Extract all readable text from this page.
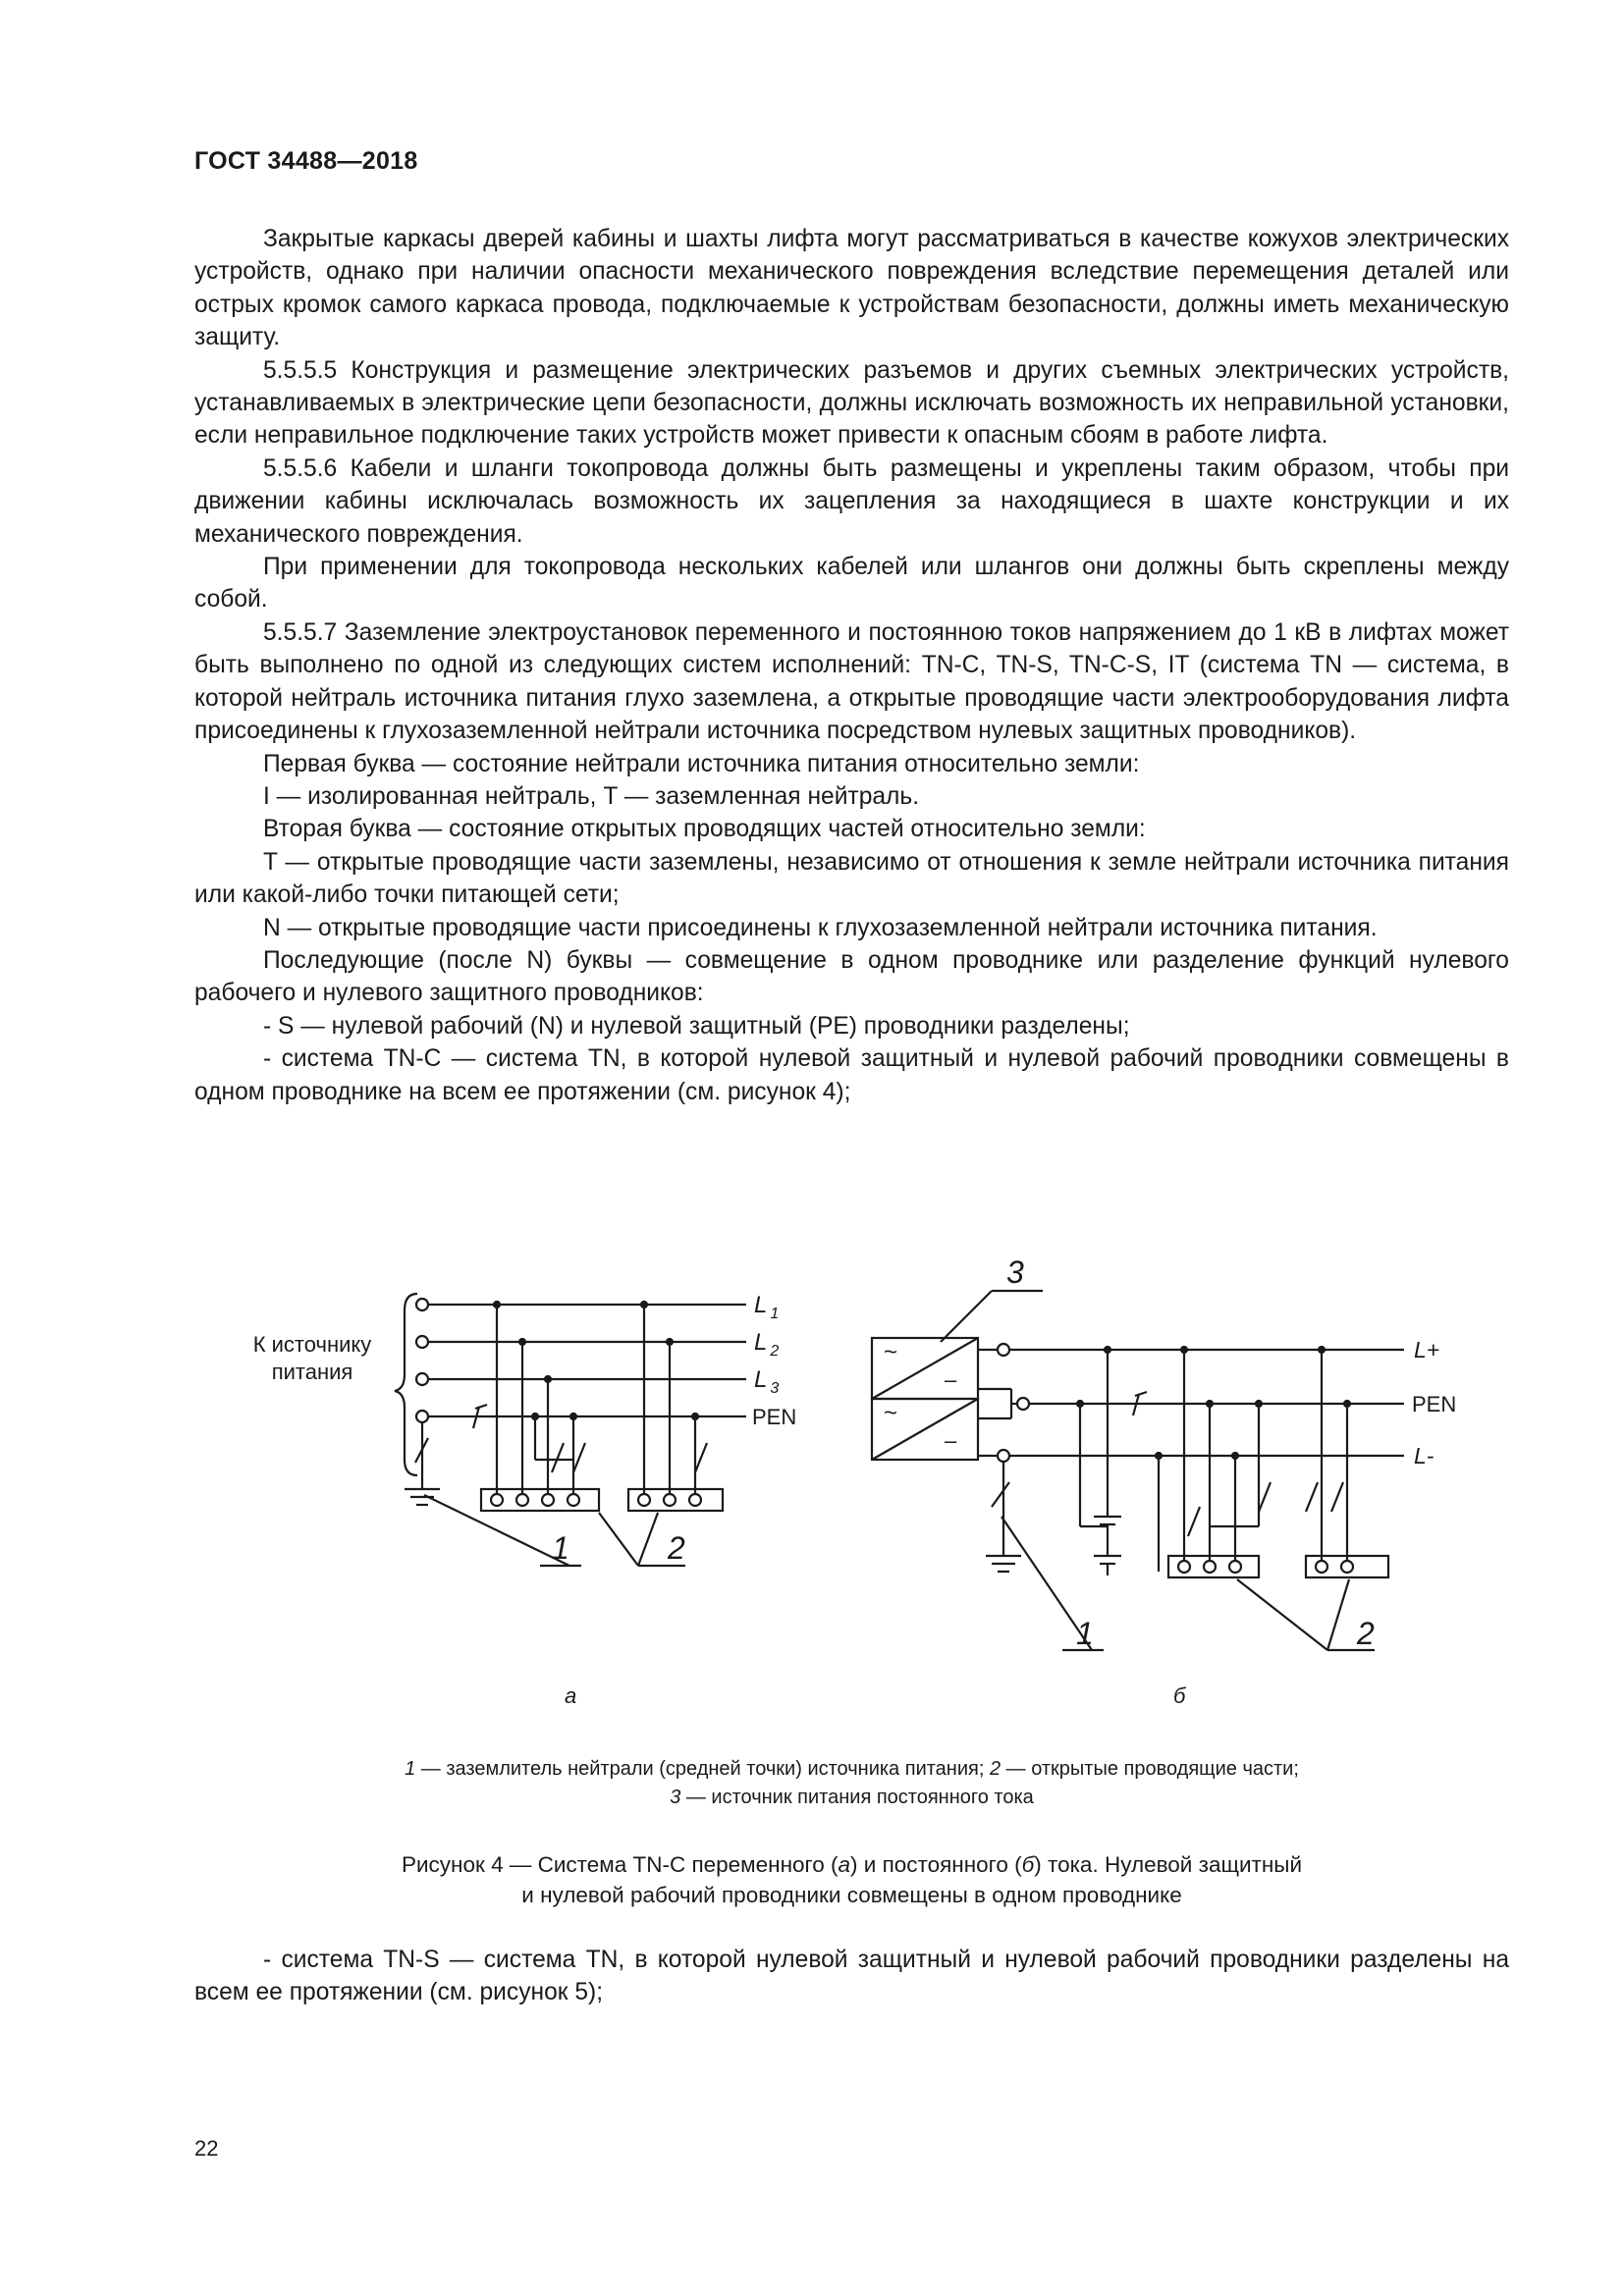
ГОСТ 34488—2018

Закрытые каркасы дверей кабины и шахты лифта могут рассматриваться в качестве кожухов электрических устройств, однако при наличии опасности механического повреждения вследствие перемещения деталей или острых кромок самого каркаса провода, подключаемые к устройствам безопасности, должны иметь механическую защиту.

5.5.5.5 Конструкция и размещение электрических разъемов и других съемных электрических устройств, устанавливаемых в электрические цепи безопасности, должны исключать возможность их неправильной установки, если неправильное подключение таких устройств может привести к опасным сбоям в работе лифта.

5.5.5.6 Кабели и шланги токопровода должны быть размещены и укреплены таким образом, чтобы при движении кабины исключалась возможность их зацепления за находящиеся в шахте конструкции и их механического повреждения.

При применении для токопровода нескольких кабелей или шлангов они должны быть скреплены между собой.

5.5.5.7 Заземление электроустановок переменного и постоянною токов напряжением до 1 кВ в лифтах может быть выполнено по одной из следующих систем исполнений: TN-C, TN-S, TN-C-S, IT (система TN — система, в которой нейтраль источника питания глухо заземлена, а открытые проводящие части электрооборудования лифта присоединены к глухозаземленной нейтрали источника посредством нулевых защитных проводников).

Первая буква — состояние нейтрали источника питания относительно земли:

I — изолированная нейтраль, T — заземленная нейтраль.

Вторая буква — состояние открытых проводящих частей относительно земли:

T — открытые проводящие части заземлены, независимо от отношения к земле нейтрали источника питания или какой-либо точки питающей сети;

N — открытые проводящие части присоединены к глухозаземленной нейтрали источника питания.

Последующие (после N) буквы — совмещение в одном проводнике или разделение функций нулевого рабочего и нулевого защитного проводников:

- S — нулевой рабочий (N) и нулевой защитный (PE) проводники разделены;

- система TN-C — система TN, в которой нулевой защитный и нулевой рабочий проводники совмещены в одном проводнике на всем ее протяжении (см. рисунок 4);

К источнику
питания
L $_1$
L $_2$
L $_3$
PEN
1	2
а
3
~
–
~
–
L+
PEN
L-
1	2
б
1 — заземлитель нейтрали (средней точки) источника питания; 2 — открытые проводящие части;
3 — источник питания постоянного тока
Рисунок 4 — Система TN-C переменного (а) и постоянного (б) тока. Нулевой защитный
и нулевой рабочий проводники совмещены в одном проводнике

- система TN-S — система TN, в которой нулевой защитный и нулевой рабочий проводники разделены на всем ее протяжении (см. рисунок 5);

22
